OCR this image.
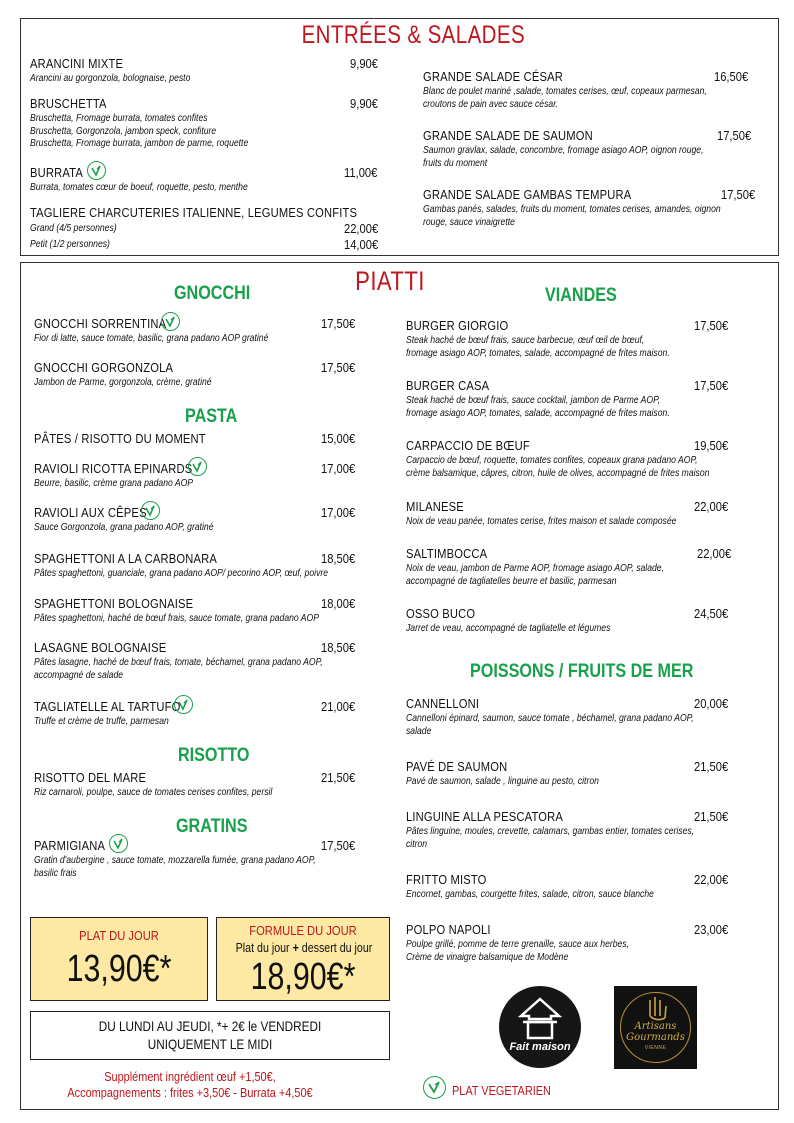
ENTRÉES & SALADES
ARANCINI MIXTE	9,90€
Arancini au gorgonzola, bolognaise, pesto
BRUSCHETTA	9,90€
Bruschetta, Fromage burrata, tomates confites
Bruschetta, Gorgonzola, jambon speck, confiture
Bruschetta, Fromage burrata, jambon de parme, roquette
BURRATA	11,00€
Burrata, tomates cœur de boeuf, roquette, pesto, menthe
TAGLIERE CHARCUTERIES ITALIENNE, LEGUMES CONFITS
Grand (4/5 personnes)	22,00€
Petit (1/2 personnes)	14,00€
GRANDE SALADE CÉSAR	16,50€
Blanc de poulet mariné ,salade, tomates cerises, œuf, copeaux parmesan,
croutons de pain avec sauce césar.
GRANDE SALADE DE SAUMON	17,50€
Saumon gravlax, salade, concombre, fromage asiago AOP, oignon rouge,
fruits du moment
GRANDE SALADE GAMBAS TEMPURA	17,50€
Gambas panés, salades, fruits du moment, tomates cerises, amandes, oignon
rouge, sauce vinaigrette
PIATTI
GNOCCHI
GNOCCHI SORRENTINA	17,50€
Fior di latte, sauce tomate, basilic, grana padano AOP gratiné
GNOCCHI GORGONZOLA	17,50€
Jambon de Parme, gorgonzola, crème, gratiné
PASTA
PÂTES / RISOTTO DU MOMENT	15,00€
RAVIOLI RICOTTA EPINARDS	17,00€
Beurre, basilic, crème grana padano AOP
RAVIOLI AUX CÊPES	17,00€
Sauce Gorgonzola, grana padano AOP, gratiné
SPAGHETTONI A LA CARBONARA	18,50€
Pâtes spaghettoni, guanciale, grana padano AOP/ pecorino AOP, œuf, poivre
SPAGHETTONI BOLOGNAISE	18,00€
Pâtes spaghettoni, haché de bœuf frais, sauce tomate, grana padano AOP
LASAGNE BOLOGNAISE	18,50€
Pâtes lasagne, haché de bœuf frais, tomate, béchamel, grana padano AOP,
accompagné de salade
TAGLIATELLE AL TARTUFO	21,00€
Truffe et crème de truffe, parmesan
RISOTTO
RISOTTO DEL MARE	21,50€
Riz carnaroli, poulpe, sauce de tomates cerises confites, persil
GRATINS
PARMIGIANA	17,50€
Gratin d'aubergine , sauce tomate, mozzarella fumée, grana padano AOP,
basilic frais
VIANDES
BURGER GIORGIO	17,50€
Steak haché de bœuf frais, sauce barbecue, œuf œil de bœuf,
fromage asiago AOP, tomates, salade, accompagné de frites maison.
BURGER CASA	17,50€
Steak haché de bœuf frais, sauce cocktail, jambon de Parme AOP,
fromage asiago AOP, tomates, salade, accompagné de frites maison.
CARPACCIO DE BŒUF	19,50€
Carpaccio de bœuf, roquette, tomates confites, copeaux grana padano AOP,
crème balsamique, câpres, citron, huile de olives, accompagné de frites maison
MILANESE	22,00€
Noix de veau panée, tomates cerise, frites maison et salade composée
SALTIMBOCCA	22,00€
Noix de veau, jambon de Parme AOP, fromage asiago AOP, salade,
accompagné de tagliatelles beurre et basilic, parmesan
OSSO BUCO	24,50€
Jarret de veau, accompagné de tagliatelle et légumes
POISSONS / FRUITS DE MER
CANNELLONI	20,00€
Cannelloni épinard, saumon, sauce tomate , béchamel, grana padano AOP,
salade
PAVÉ DE SAUMON	21,50€
Pavé de saumon, salade , linguine au pesto, citron
LINGUINE ALLA PESCATORA	21,50€
Pâtes linguine, moules, crevette, calamars, gambas entier, tomates cerises,
citron
FRITTO MISTO	22,00€
Encornet, gambas, courgette frites, salade, citron, sauce blanche
POLPO NAPOLI	23,00€
Poulpe grillé, pomme de terre grenaille, sauce aux herbes,
Crème de vinaigre balsamique de Modène
PLAT DU JOUR
13,90€*
FORMULE DU JOUR
Plat du jour + dessert du jour
18,90€*
DU LUNDI AU JEUDI, *+ 2€ le VENDREDI
UNIQUEMENT LE MIDI
Supplément ingrédient œuf +1,50€,
Accompagnements : frites +3,50€ - Burrata +4,50€	PLAT VEGETARIEN
Fait maison
Artisans
Gourmands
VIENNE
